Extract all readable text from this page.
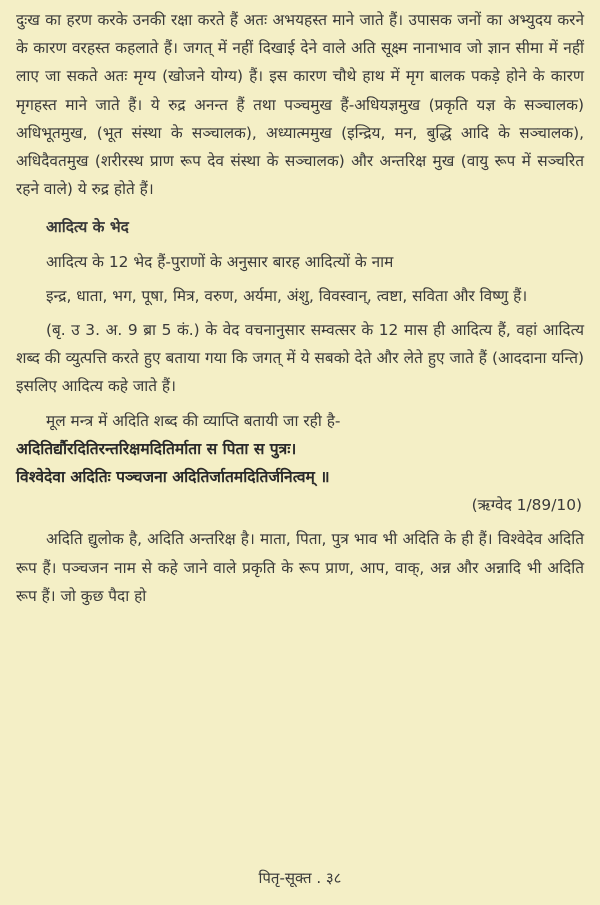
दुःख का हरण करके उनकी रक्षा करते हैं अतः अभयहस्त माने जाते हैं। उपासक जनों का अभ्युदय करने के कारण वरहस्त कहलाते हैं। जगत् में नहीं दिखाई देने वाले अति सूक्ष्म नानाभाव जो ज्ञान सीमा में नहीं लाए जा सकते अतः मृग्य (खोजने योग्य) हैं। इस कारण चौथे हाथ में मृग बालक पकड़े होने के कारण मृगहस्त माने जाते हैं। ये रुद्र अनन्त हैं तथा पञ्चमुख हैं-अधियज्ञमुख (प्रकृति यज्ञ के सञ्चालक) अधिभूतमुख, (भूत संस्था के सञ्चालक), अध्यात्ममुख (इन्द्रिय, मन, बुद्धि आदि के सञ्चालक), अधिदैवतमुख (शरीरस्थ प्राण रूप देव संस्था के सञ्चालक) और अन्तरिक्ष मुख (वायु रूप में सञ्चरित रहने वाले) ये रुद्र होते हैं।

आदित्य के भेद

आदित्य के 12 भेद हैं-पुराणों के अनुसार बारह आदित्यों के नाम

इन्द्र, धाता, भग, पूषा, मित्र, वरुण, अर्यमा, अंशु, विवस्वान्, त्वष्टा, सविता और विष्णु हैं।

(बृ. उ 3. अ. 9 ब्रा 5 कं.) के वेद वचनानुसार सम्वत्सर के 12 मास ही आदित्य हैं, वहां आदित्य शब्द की व्युत्पत्ति करते हुए बताया गया कि जगत् में ये सबको देते और लेते हुए जाते हैं (आददाना यन्ति) इसलिए आदित्य कहे जाते हैं।

मूल मन्त्र में अदिति शब्द की व्याप्ति बतायी जा रही है-

अदितिर्द्यौरदितिरन्तरिक्षमदितिर्माता स पिता स पुत्रः।

विश्वेदेवा अदितिः पञ्चजना अदितिर्जातमदितिर्जनित्वम् ॥

(ऋग्वेद 1/89/10)

अदिति द्युलोक है, अदिति अन्तरिक्ष है। माता, पिता, पुत्र भाव भी अदिति के ही हैं। विश्वेदेव अदिति रूप हैं। पञ्चजन नाम से कहे जाने वाले प्रकृति के रूप प्राण, आप, वाक्, अन्न और अन्नादि भी अदिति रूप हैं। जो कुछ पैदा हो

पितृ-सूक्त . ३८
